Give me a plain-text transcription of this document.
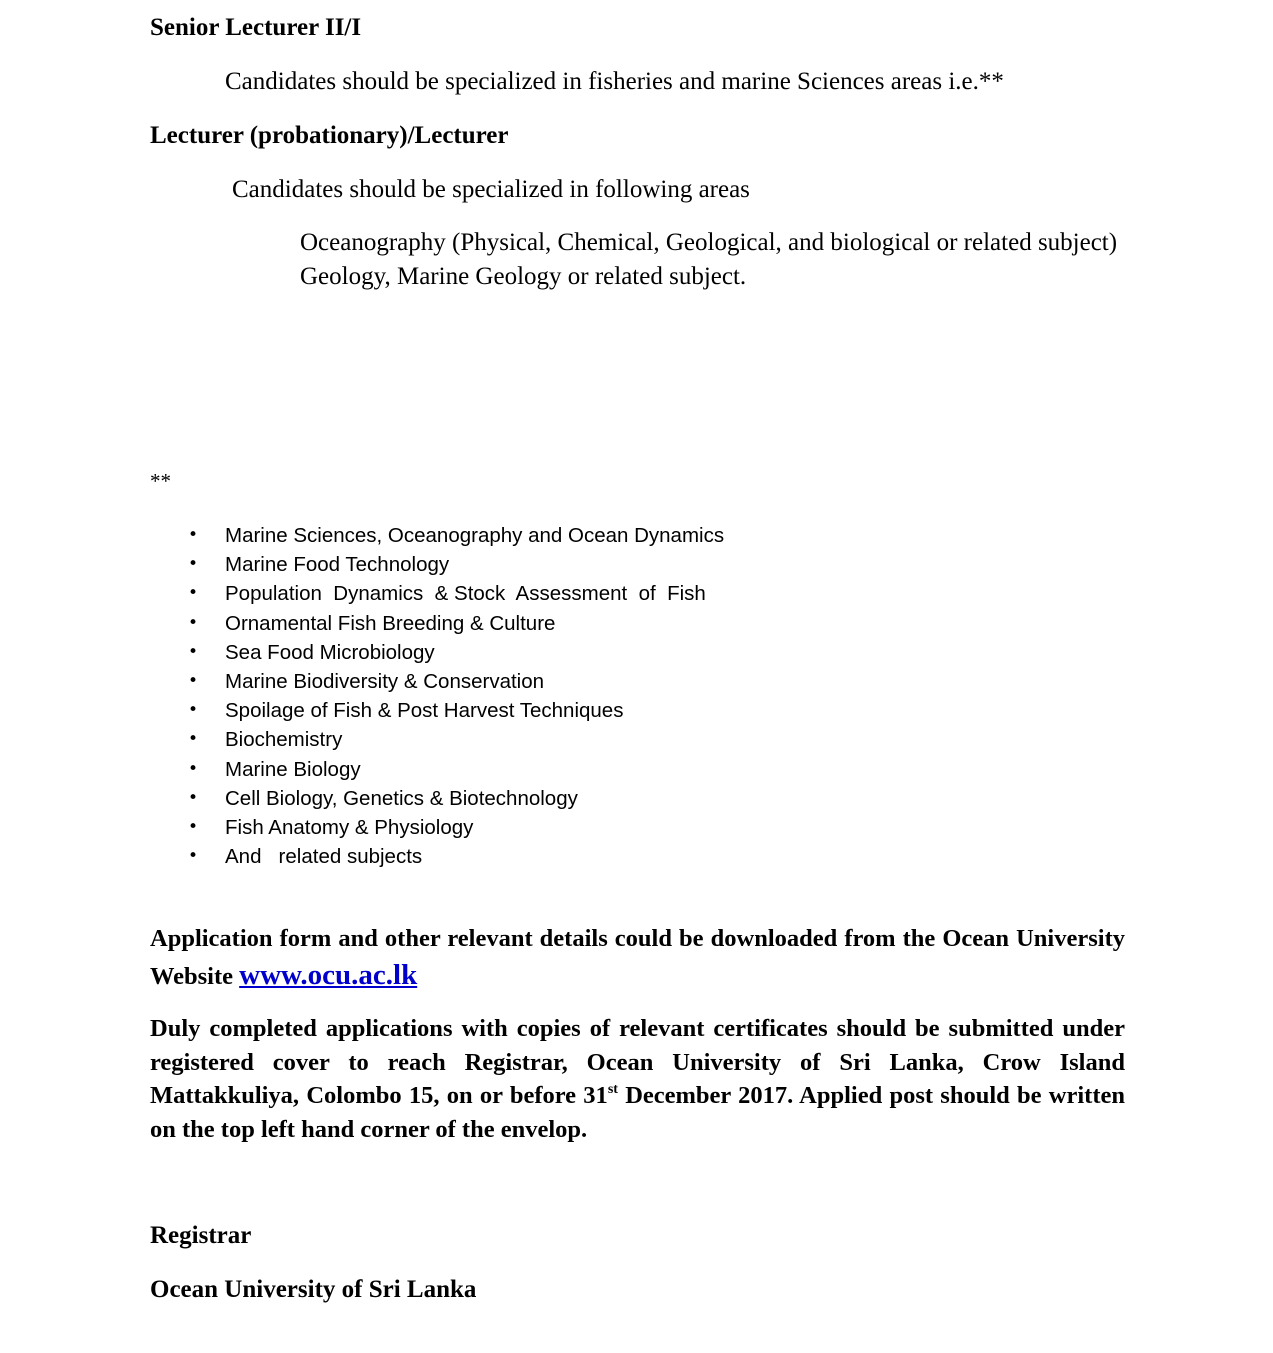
Senior Lecturer II/I

Candidates should be specialized in fisheries and marine Sciences areas i.e.**

Lecturer (probationary)/Lecturer

Candidates should be specialized in following areas

Oceanography (Physical, Chemical, Geological, and biological or related subject)

Geology, Marine Geology or related subject.

**

• Marine Sciences, Oceanography and Ocean Dynamics
• Marine Food Technology
• Population  Dynamics  & Stock  Assessment  of  Fish
• Ornamental Fish Breeding & Culture
• Sea Food Microbiology
• Marine Biodiversity & Conservation
• Spoilage of Fish & Post Harvest Techniques
• Biochemistry
• Marine Biology
• Cell Biology, Genetics & Biotechnology
• Fish Anatomy & Physiology
• And   related subjects

Application form and other relevant details could be downloaded from the Ocean University Website www.ocu.ac.lk

Duly completed applications with copies of relevant certificates should be submitted under registered cover to reach Registrar, Ocean University of Sri Lanka, Crow Island Mattakkuliya, Colombo 15, on or before 31st December 2017. Applied post should be written on the top left hand corner of the envelop.

Registrar

Ocean University of Sri Lanka
